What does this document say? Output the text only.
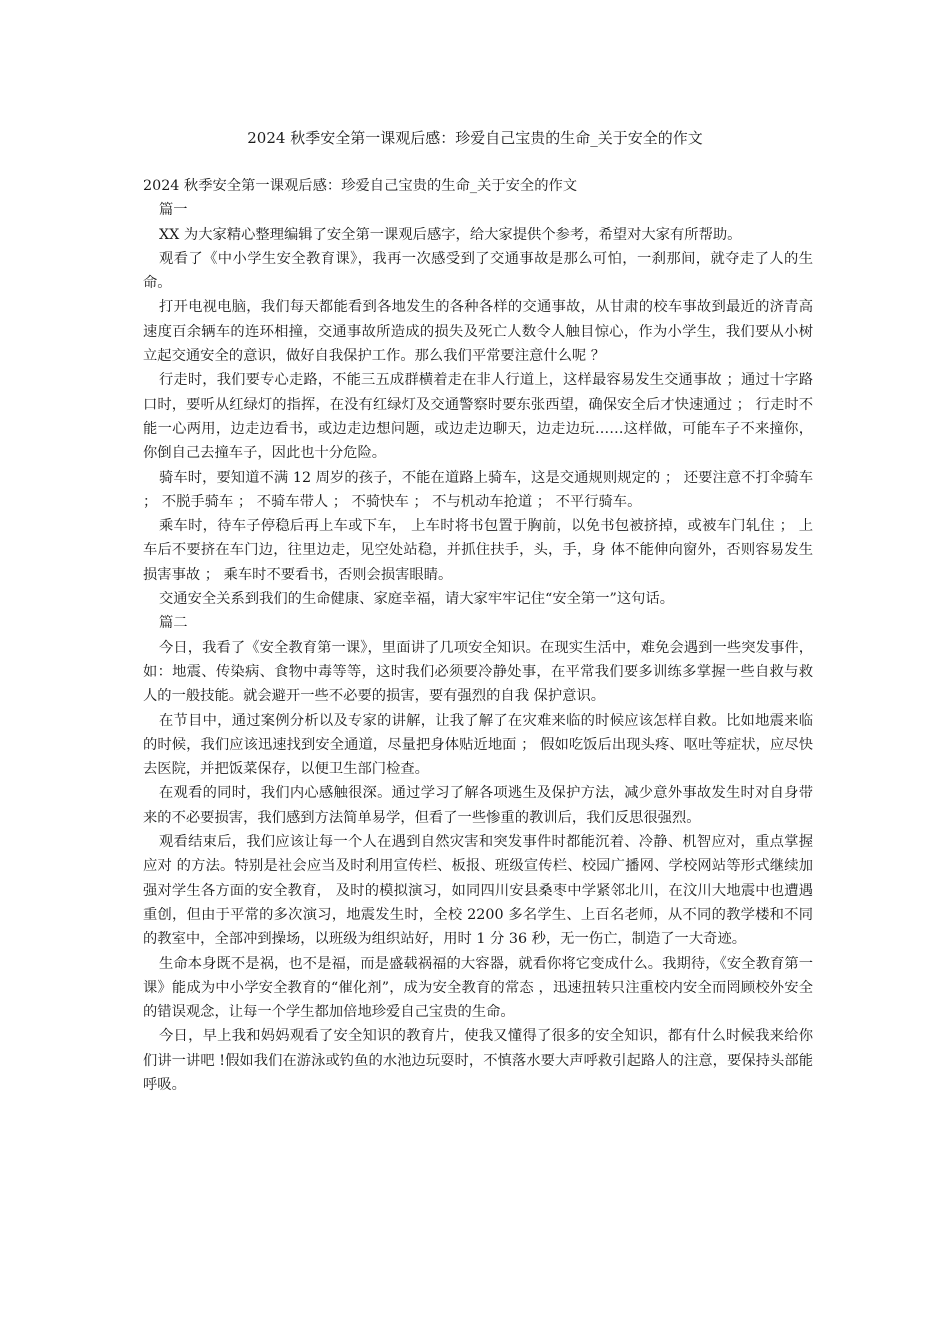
2024 秋季安全第一课观后感：珍爱自己宝贵的生命_关于安全的作文

2024 秋季安全第一课观后感：珍爱自己宝贵的生命_关于安全的作文

篇一

XX 为大家精心整理编辑了安全第一课观后感字，给大家提供个参考，希望对大家有所帮助。

观看了《中小学生安全教育课》，我再一次感受到了交通事故是那么可怕，一刹那间，就夺走了人的生命。

打开电视电脑，我们每天都能看到各地发生的各种各样的交通事故，从甘肃的校车事故到最近的济青高速度百余辆车的连环相撞，交通事故所造成的损失及死亡人数令人触目惊心，作为小学生，我们要从小树立起交通安全的意识，做好自我保护工作。那么我们平常要注意什么呢 ？

行走时，我们要专心走路，不能三五成群横着走在非人行道上，这样最容易发生交通事故 ；通过十字路口时，要听从红绿灯的指挥，在没有红绿灯及交通警察时要东张西望，确保安全后才快速通过 ； 行走时不能一心两用，边走边看书，或边走边想问题，或边走边聊天，边走边玩……这样做，可能车子不来撞你，你倒自己去撞车子，因此也十分危险。

骑车时，要知道不满 12 周岁的孩子，不能在道路上骑车，这是交通规则规定的 ； 还要注意不打伞骑车 ； 不脱手骑车 ； 不骑车带人 ； 不骑快车 ； 不与机动车抢道 ； 不平行骑车。

乘车时，待车子停稳后再上车或下车， 上车时将书包置于胸前，以免书包被挤掉，或被车门轧住 ； 上车后不要挤在车门边，往里边走，见空处站稳，并抓住扶手，头，手，身 体不能伸向窗外，否则容易发生损害事故 ； 乘车时不要看书，否则会损害眼睛。

交通安全关系到我们的生命健康、家庭幸福，请大家牢牢记住“安全第一”这句话。

篇二

今日，我看了《安全教育第一课》，里面讲了几项安全知识。在现实生活中，难免会遇到一些突发事件，如：地震、传染病、食物中毒等等，这时我们必须要冷静处事，在平常我们要多训练多掌握一些自救与救人的一般技能。就会避开一些不必要的损害，要有强烈的自我 保护意识。

在节目中，通过案例分析以及专家的讲解，让我了解了在灾难来临的时候应该怎样自救。比如地震来临的时候，我们应该迅速找到安全通道，尽量把身体贴近地面 ； 假如吃饭后出现头疼、呕吐等症状，应尽快去医院，并把饭菜保存，以便卫生部门检查。

在观看的同时，我们内心感触很深。通过学习了解各项逃生及保护方法，减少意外事故发生时对自身带来的不必要损害，我们感到方法简单易学，但看了一些惨重的教训后，我们反思很强烈。

观看结束后，我们应该让每一个人在遇到自然灾害和突发事件时都能沉着、冷静、机智应对，重点掌握应对 的方法。特别是社会应当及时利用宣传栏、板报、班级宣传栏、校园广播网、学校网站等形式继续加强对学生各方面的安全教育， 及时的模拟演习，如同四川安县桑枣中学紧邻北川，在汶川大地震中也遭遇重创，但由于平常的多次演习，地震发生时，全校 2200 多名学生、上百名老师，从不同的教学楼和不同的教室中，全部冲到操场，以班级为组织站好，用时 1 分 36 秒，无一伤亡，制造了一大奇迹。

生命本身既不是祸，也不是福，而是盛载祸福的大容器，就看你将它变成什么。我期待，《安全教育第一课》能成为中小学安全教育的“催化剂”，成为安全教育的常态 ，迅速扭转只注重校内安全而罔顾校外安全的错误观念，让每一个学生都加倍地珍爱自己宝贵的生命。

今日，早上我和妈妈观看了安全知识的教育片，使我又懂得了很多的安全知识，都有什么时候我来给你们讲一讲吧 !假如我们在游泳或钓鱼的水池边玩耍时，不慎落水要大声呼救引起路人的注意，要保持头部能呼吸。
